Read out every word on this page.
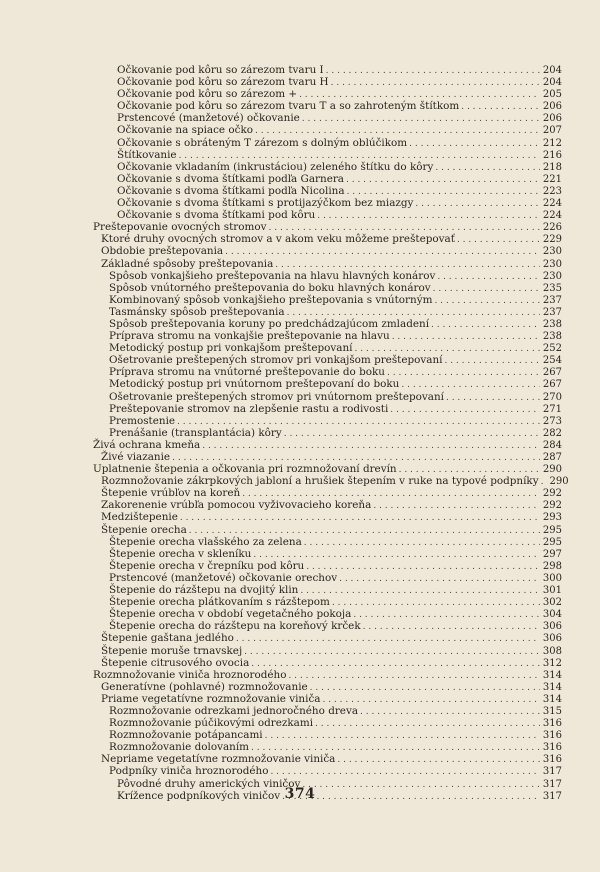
Očkovanie pod kôru so zárezom tvaru I . . .	204
Očkovanie pod kôru so zárezom tvaru H . . .	204
Očkovanie pod kôru so zárezom + . . .	205
Očkovanie pod kôru so zárezom tvaru T a so zahroteným štítkom . . .	206
Prstencové (manžetové) očkovanie . . .	206
Očkovanie na spiace očko . . .	207
Očkovanie s obráteným T zárezom s dolným oblúčikom . . .	212
Štítkovanie . . .	216
Očkovanie vkladaním (inkrustáciou) zeleného štítku do kôry . . .	218
Očkovanie s dvoma štítkami podľa Garnera . . .	221
Očkovanie s dvoma štítkami podľa Nicolina . . .	223
Očkovanie s dvoma štítkami s protijazýčkom bez miazgy . . .	224
Očkovanie s dvoma štítkami pod kôru . . .	224
Preštepovanie ovocných stromov . . .	226
Ktoré druhy ovocných stromov a v akom veku môžeme preštepovať . . .	229
Obdobie preštepovania . . .	230
Základné spôsoby preštepovania . . .	230
Spôsob vonkajšieho preštepovania na hlavu hlavných konárov . . .	230
Spôsob vnútorného preštepovania do boku hlavných konárov . . .	235
Kombinovaný spôsob vonkajšieho preštepovania s vnútorným . . .	237
Tasmánsky spôsob preštepovania . . .	237
Spôsob preštepovania koruny po predchádzajúcom zmladení . . .	238
Príprava stromu na vonkajšie preštepovanie na hlavu . . .	238
Metodický postup pri vonkajšom preštepovaní . . .	252
Ošetrovanie preštepených stromov pri vonkajšom preštepovaní . . .	254
Príprava stromu na vnútorné preštepovanie do boku . . .	267
Metodický postup pri vnútornom preštepovaní do boku . . .	267
Ošetrovanie preštepených stromov pri vnútornom preštepovaní . . .	270
Preštepovanie stromov na zlepšenie rastu a rodivosti . . .	271
Premostenie . . .	273
Prenášanie (transplantácia) kôry . . .	282
Živá ochrana kmeňa . . .	284
Živé viazanie . . .	287
Uplatnenie štepenia a očkovania pri rozmnožovaní drevín . . .	290
Rozmnožovanie zákrpkových jabloní a hrušiek štepením v ruke na typové podpníky . . . 290
Štepenie vrúbľov na koreň . . .	292
Zakorenenie vrúbľa pomocou vyživovacieho koreňa . . .	292
Medzištepenie . . .	293
Štepenie orecha . . .	295
Štepenie orecha vlašského za zelena . . .	295
Štepenie orecha v skleníku . . .	297
Štepenie orecha v črepníku pod kôru . . .	298
Prstencové (manžetové) očkovanie orechov . . .	300
Štepenie do rázštepu na dvojitý klin . . .	301
Štepenie orecha plátkovaním s rázštepom . . .	302
Štepenie orecha v období vegetačného pokoja . . .	304
Štepenie orecha do rázštepu na koreňový krček . . .	306
Štepenie gaštana jedlého . . .	306
Štepenie moruše trnavskej . . .	308
Štepenie citrusového ovocia . . .	312
Rozmnožovanie viniča hroznorodého . . .	314
Generatívne (pohlavné) rozmnožovanie . . .	314
Priame vegetatívne rozmnožovanie viniča . . .	314
Rozmnožovanie odrezkami jednoročného dreva . . .	315
Rozmnožovanie púčikovými odrezkami . . .	316
Rozmnožovanie potápancami . . .	316
Rozmnožovanie dolovaním . . .	316
Nepriame vegetatívne rozmnožovanie viniča . . .	316
Podpníky viniča hroznorodého . . .	317
Pôvodné druhy amerických viničov . . .	317
Krížence podpníkových viničov . . .	317
374
